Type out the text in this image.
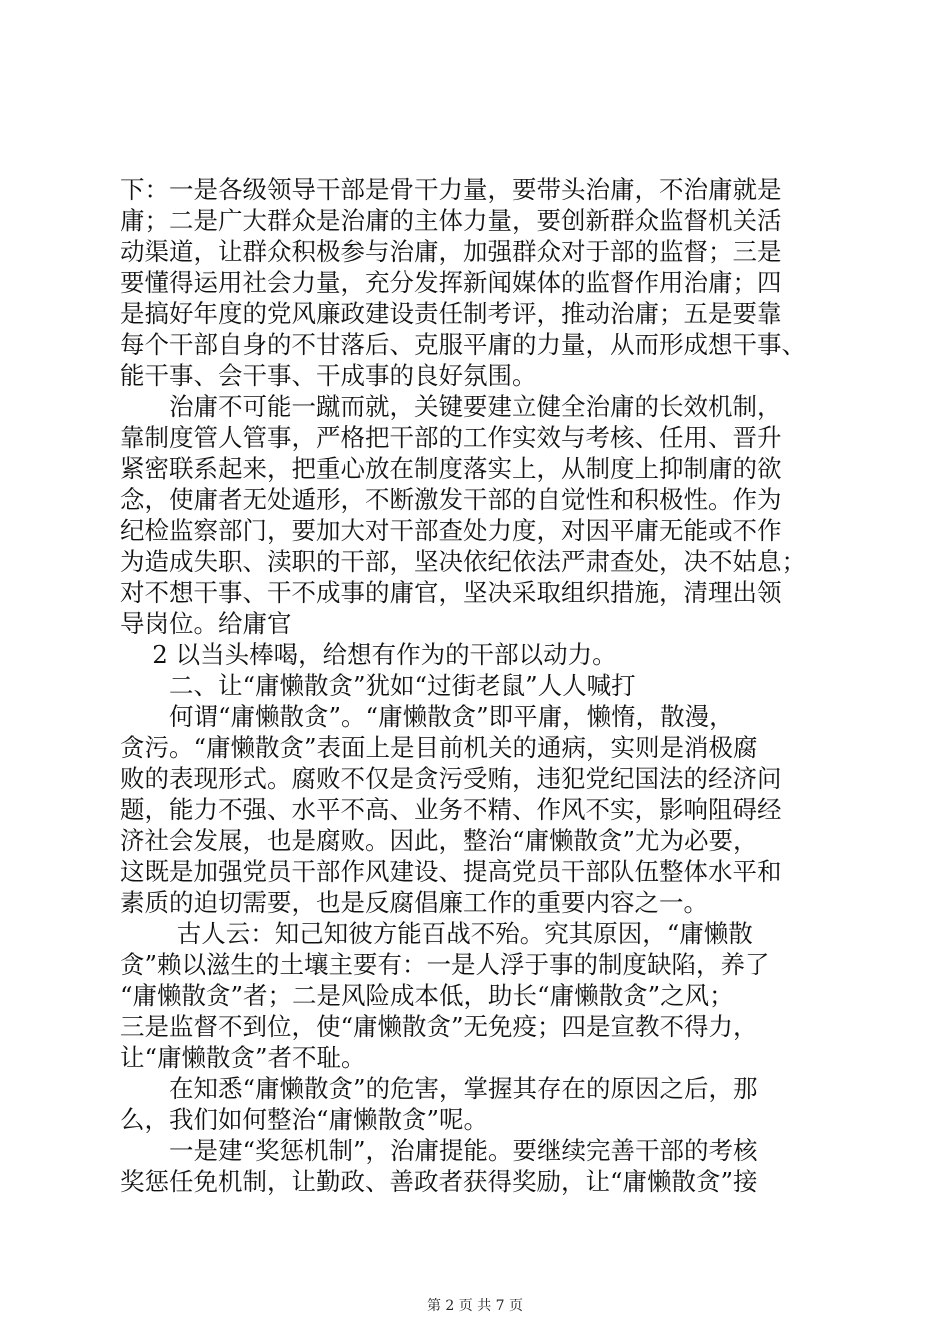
下：一是各级领导干部是骨干力量，要带头治庸，不治庸就是
庸；二是广大群众是治庸的主体力量，要创新群众监督机关活
动渠道，让群众积极参与治庸，加强群众对于部的监督；三是
要懂得运用社会力量，充分发挥新闻媒体的监督作用治庸；四
是搞好年度的党风廉政建设责任制考评，推动治庸；五是要靠
每个干部自身的不甘落后、克服平庸的力量，从而形成想干事、
能干事、会干事、干成事的良好氛围。
　　治庸不可能一蹴而就，关键要建立健全治庸的长效机制，
靠制度管人管事，严格把干部的工作实效与考核、任用、晋升
紧密联系起来，把重心放在制度落实上，从制度上抑制庸的欲
念，使庸者无处遁形，不断激发干部的自觉性和积极性。作为
纪检监察部门，要加大对干部查处力度，对因平庸无能或不作
为造成失职、渎职的干部，坚决依纪依法严肃查处，决不姑息；
对不想干事、干不成事的庸官，坚决采取组织措施，清理出领
导岗位。给庸官
　 2 以当头棒喝，给想有作为的干部以动力。
　　二、让“庸懒散贪”犹如“过街老鼠”人人喊打
　　何谓“庸懒散贪”。“庸懒散贪”即平庸，懒惰，散漫，
贪污。“庸懒散贪”表面上是目前机关的通病，实则是消极腐
败的表现形式。腐败不仅是贪污受贿，违犯党纪国法的经济问
题，能力不强、水平不高、业务不精、作风不实，影响阻碍经
济社会发展，也是腐败。因此，整治“庸懒散贪”尤为必要，
这既是加强党员干部作风建设、提高党员干部队伍整体水平和
素质的迫切需要，也是反腐倡廉工作的重要内容之一。
　　 古人云：知己知彼方能百战不殆。究其原因，“庸懒散
贪”赖以滋生的土壤主要有：一是人浮于事的制度缺陷，养了
“庸懒散贪”者；二是风险成本低，助长“庸懒散贪”之风；
三是监督不到位，使“庸懒散贪”无免疫；四是宣教不得力，
让“庸懒散贪”者不耻。
　　在知悉“庸懒散贪”的危害，掌握其存在的原因之后，那
么，我们如何整治“庸懒散贪”呢。
　　一是建“奖惩机制”，治庸提能。要继续完善干部的考核
奖惩任免机制，让勤政、善政者获得奖励，让“庸懒散贪”接
第 2 页 共 7 页
